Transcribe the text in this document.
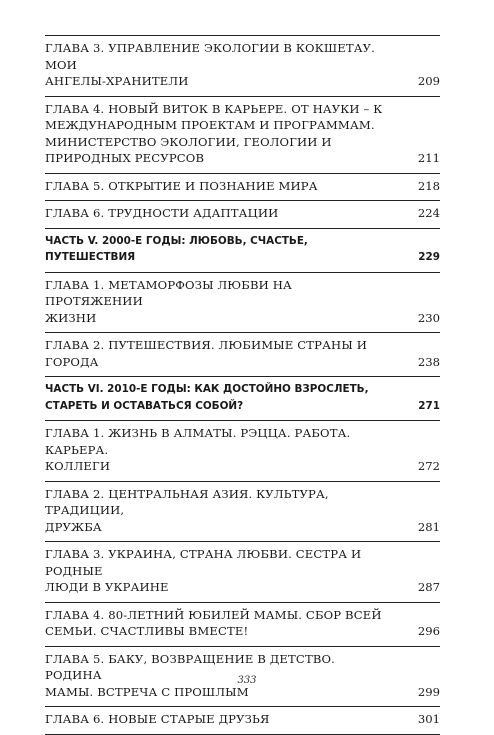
ГЛАВА 3. УПРАВЛЕНИЕ ЭКОЛОГИИ В КОКШЕТАУ. МОИ
АНГЕЛЫ-ХРАНИТЕЛИ	209
ГЛАВА 4. НОВЫЙ ВИТОК В КАРЬЕРЕ. ОТ НАУКИ – К
МЕЖДУНАРОДНЫМ ПРОЕКТАМ И ПРОГРАММАМ.
МИНИСТЕРСТВО ЭКОЛОГИИ, ГЕОЛОГИИ И
ПРИРОДНЫХ РЕСУРСОВ	211
ГЛАВА 5. ОТКРЫТИЕ И ПОЗНАНИЕ МИРА	218
ГЛАВА 6. ТРУДНОСТИ АДАПТАЦИИ	224
ЧАСТЬ V. 2000-Е ГОДЫ: ЛЮБОВЬ, СЧАСТЬЕ,
ПУТЕШЕСТВИЯ	229
ГЛАВА 1. МЕТАМОРФОЗЫ ЛЮБВИ НА ПРОТЯЖЕНИИ
ЖИЗНИ	230
ГЛАВА 2. ПУТЕШЕСТВИЯ. ЛЮБИМЫЕ СТРАНЫ И
ГОРОДА	238
ЧАСТЬ VI. 2010-Е ГОДЫ: КАК ДОСТОЙНО ВЗРОСЛЕТЬ,
СТАРЕТЬ И ОСТАВАТЬСЯ СОБОЙ?	271
ГЛАВА 1. ЖИЗНЬ В АЛМАТЫ. РЭЦЦА. РАБОТА. КАРЬЕРА.
КОЛЛЕГИ	272
ГЛАВА 2. ЦЕНТРАЛЬНАЯ АЗИЯ. КУЛЬТУРА, ТРАДИЦИИ,
ДРУЖБА	281
ГЛАВА 3. УКРАИНА, СТРАНА ЛЮБВИ. СЕСТРА И РОДНЫЕ
ЛЮДИ В УКРАИНЕ	287
ГЛАВА 4. 80-ЛЕТНИЙ ЮБИЛЕЙ МАМЫ. СБОР ВСЕЙ
СЕМЬИ. СЧАСТЛИВЫ ВМЕСТЕ!	296
ГЛАВА 5. БАКУ, ВОЗВРАЩЕНИЕ В ДЕТСТВО. РОДИНА
МАМЫ. ВСТРЕЧА С ПРОШЛЫМ	299
ГЛАВА 6. НОВЫЕ СТАРЫЕ ДРУЗЬЯ	301
333
